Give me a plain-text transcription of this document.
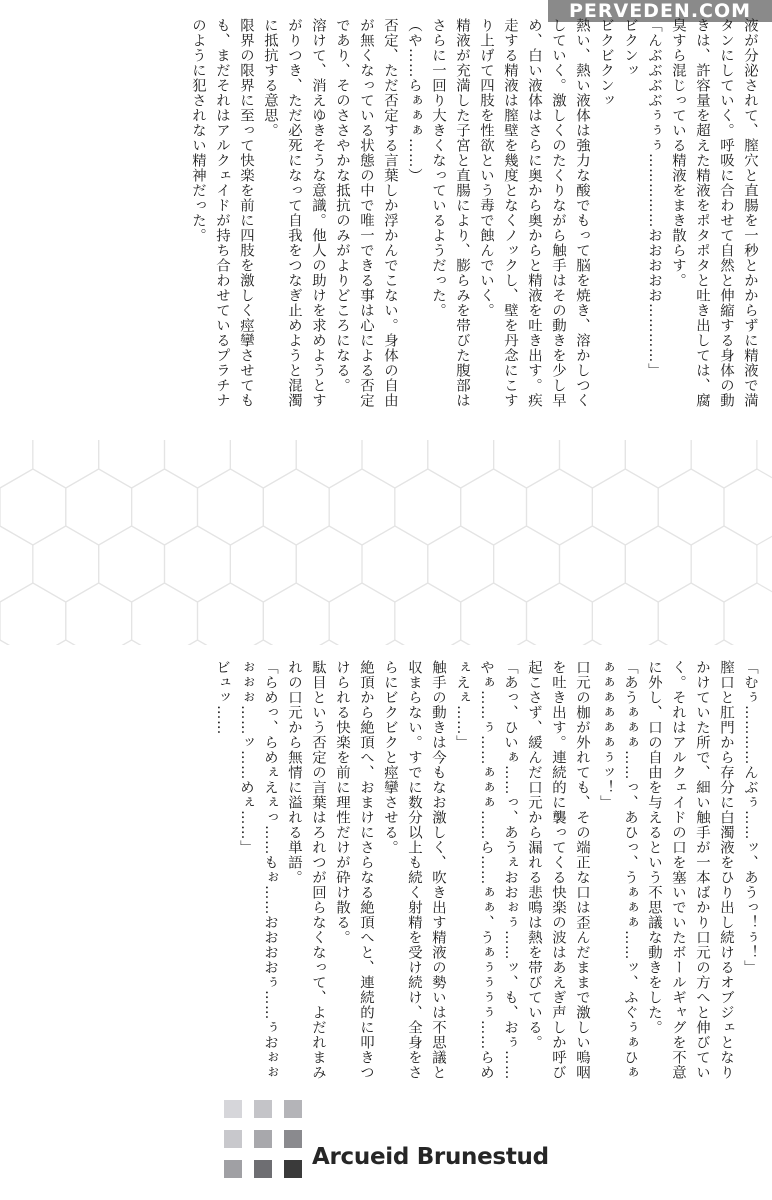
PERVEDEN.COM

液が分泌されて、膣穴と直腸を一秒とかからずに精液で満タンにしていく。呼吸に合わせて自然と伸縮する身体の動きは、許容量を超えた精液をポタポタと吐き出しては、腐臭すら混じっている精液をまき散らす。

「んぶぶぶぶぅぅぅ……………おおおおお…………」

ビクンッ

ビクビクンッ

熱い、熱い液体は強力な酸でもって脳を焼き、溶かしつくしていく。激しくのたくりながら触手はその動きを少し早め、白い液体はさらに奥から奥からと精液を吐き出す。疾走する精液は膣壁を幾度となくノックし、壁を丹念にこすり上げて四肢を性欲という毒で蝕んでいく。

精液が充満した子宮と直腸により、膨らみを帯びた腹部はさらに一回り大きくなっているようだった。

（や……らぁぁぁ……）

否定、ただ否定する言葉しか浮かんでこない。身体の自由が無くなっている状態の中で唯一できる事は心による否定であり、そのささやかな抵抗のみがよりどころになる。

溶けて、消えゆきそうな意識。他人の助けを求めようとすがりつき、ただ必死になって自我をつなぎ止めようと混濁に抵抗する意思。

限界の限界に至って快楽を前に四肢を激しく痙攣させてもも、まだそれはアルクェイドが持ち合わせているプラチナのように犯されない精神だった。

「むぅ…………んぶぅ……ッ、あうっ！ぅ！」

膣口と肛門から存分に白濁液をひり出し続けるオブジェとなりかけていた所で、細い触手が一本ばかり口元の方へと伸びていく。それはアルクェイドの口を塞いでいたボールギャグを不意に外し、口の自由を与えるという不思議な動きをした。

「あうぁぁぁ……っ、あひっ、うぁぁぁ……ッ、ふぐぅぁひぁぁぁぁぁぁぁぅッ！」

口元の枷が外れても、その端正な口は歪んだままで激しい嗚咽を吐き出す。連続的に襲ってくる快楽の波はあえぎ声しか呼び起こさず、緩んだ口元から漏れる悲鳴は熱を帯びている。

「あっ、ひいぁ……っ、あうぇおおぉぅ……ッ、も、おぅ……やぁ……ぅ……ぁぁぁ……ら……ぁぁ、うぁぅぅぅぅ……らめぇえぇ……」

触手の動きは今もなお激しく、吹き出す精液の勢いは不思議と収まらない。すでに数分以上も続く射精を受け続け、全身をさらにビクビクと痙攣させる。

絶頂から絶頂へ、おまけにさらなる絶頂へと、連続的に叩きつけられる快楽を前に理性だけが砕け散る。

駄目という否定の言葉はろれつが回らなくなって、よだれまみれの口元から無情に溢れる単語。

「らめっ、らめぇえぇっ……もぉ……おおおおぅ……ぅおぉぉぉぉぉ……ッ……めぇ……」

ビュッ……

Arcueid Brunestud
